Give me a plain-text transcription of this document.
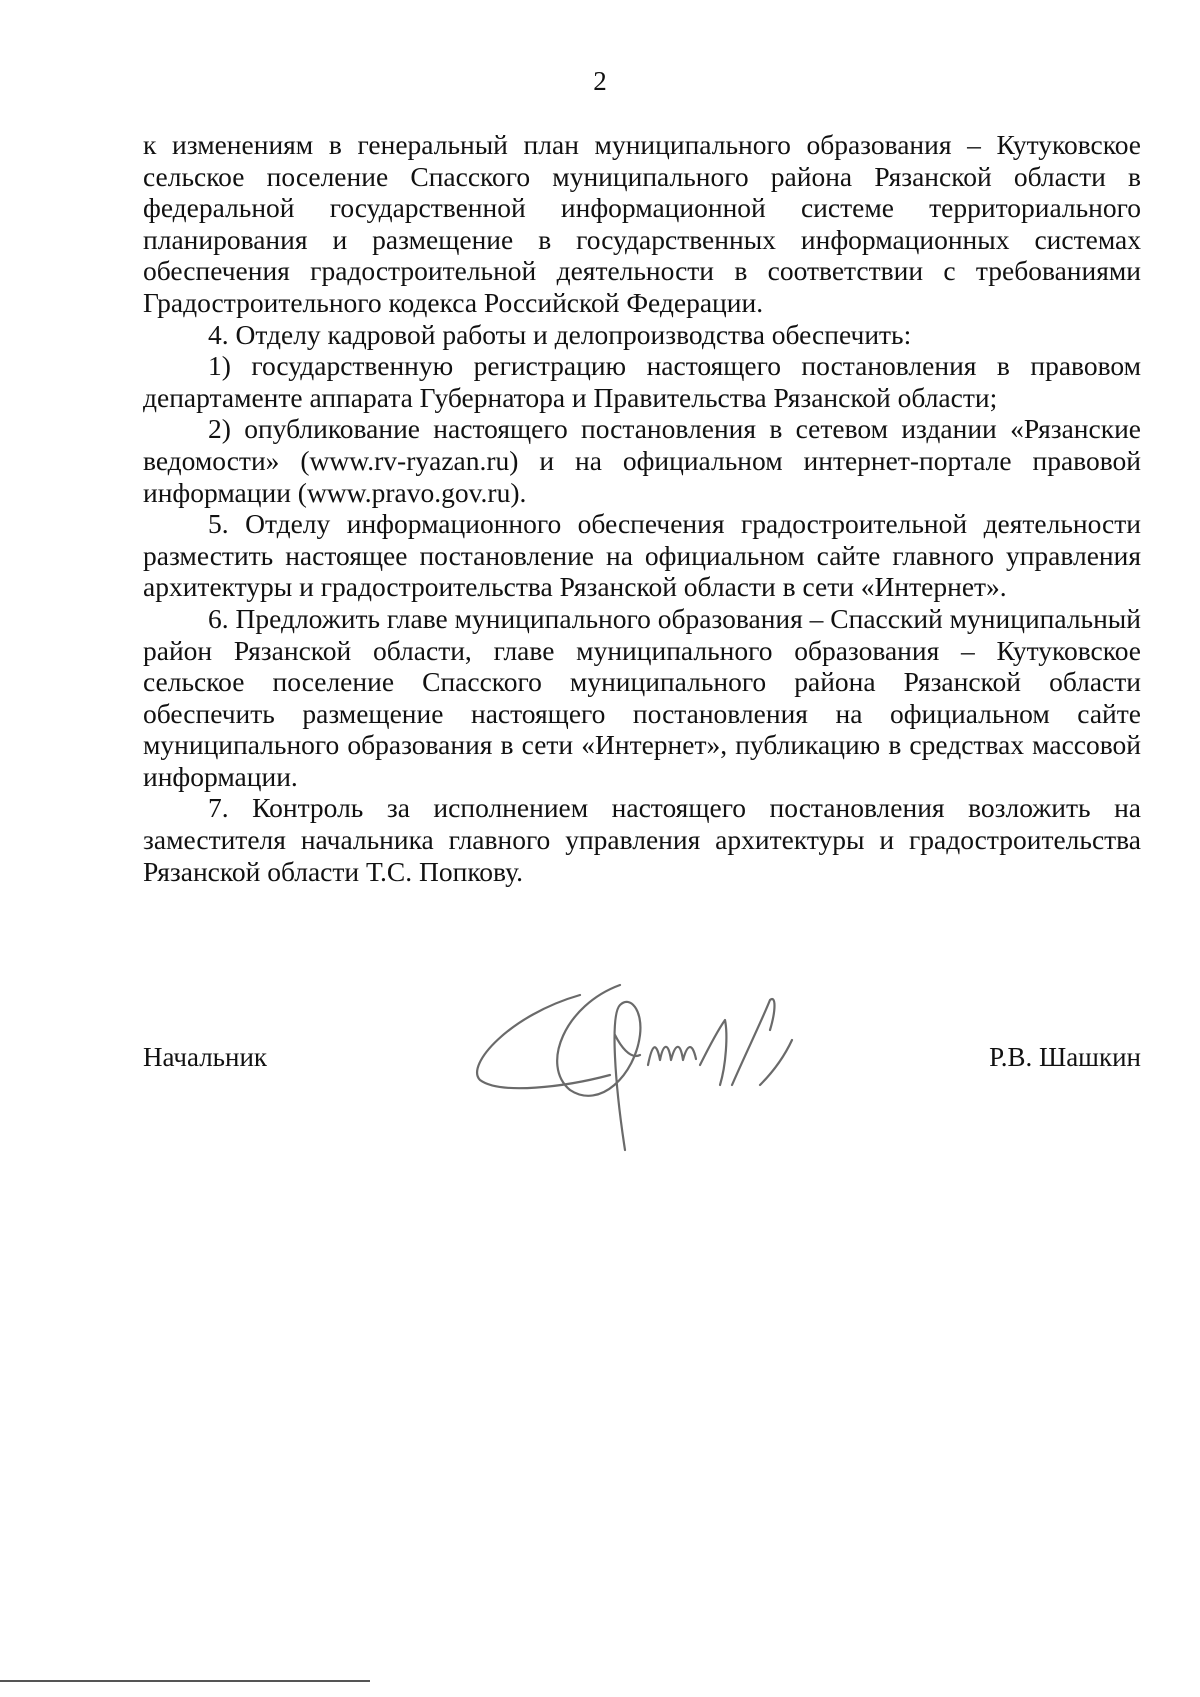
2

к изменениям в генеральный план муниципального образования – Кутуковское сельское поселение Спасского муниципального района Рязанской области в федеральной государственной информационной системе территориального планирования и размещение в государственных информационных системах обеспечения градостроительной деятельности в соответствии с требованиями Градостроительного кодекса Российской Федерации.

4. Отделу кадровой работы и делопроизводства обеспечить:

1) государственную регистрацию настоящего постановления в правовом департаменте аппарата Губернатора и Правительства Рязанской области;

2) опубликование настоящего постановления в сетевом издании «Рязанские ведомости» (www.rv-ryazan.ru) и на официальном интернет-портале правовой информации (www.pravo.gov.ru).

5. Отделу информационного обеспечения градостроительной деятельности разместить настоящее постановление на официальном сайте главного управления архитектуры и градостроительства Рязанской области в сети «Интернет».

6. Предложить главе муниципального образования – Спасский муниципальный район Рязанской области, главе муниципального образования – Кутуковское сельское поселение Спасского муниципального района Рязанской области обеспечить размещение настоящего постановления на официальном сайте муниципального образования в сети «Интернет», публикацию в средствах массовой информации.

7. Контроль за исполнением настоящего постановления возложить на заместителя начальника главного управления архитектуры и градостроительства Рязанской области Т.С. Попкову.

Начальник	Р.В. Шашкин
